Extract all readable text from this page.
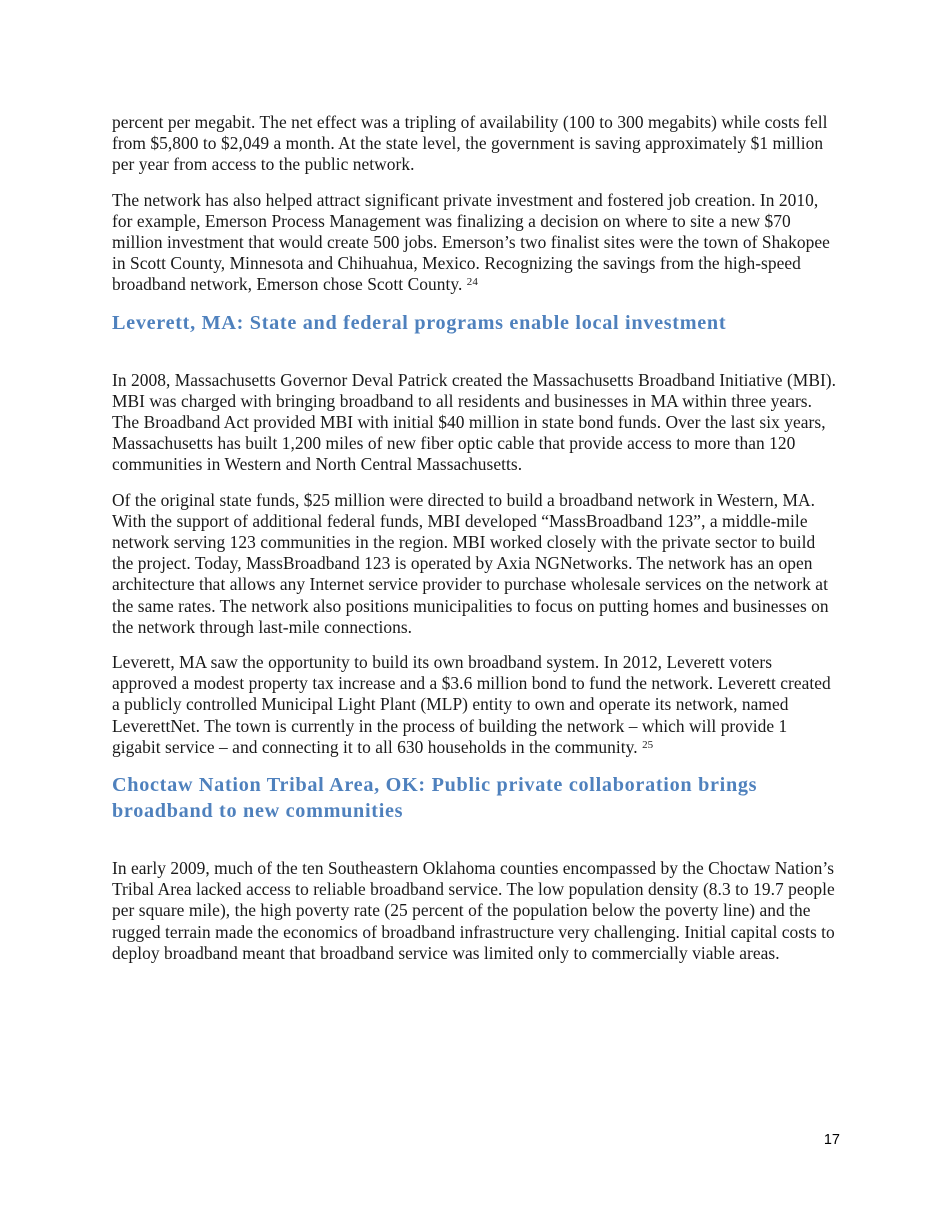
percent per megabit. The net effect was a tripling of availability (100 to 300 megabits) while costs fell from $5,800 to $2,049 a month. At the state level, the government is saving approximately $1 million per year from access to the public network.

The network has also helped attract significant private investment and fostered job creation. In 2010, for example, Emerson Process Management was finalizing a decision on where to site a new $70 million investment that would create 500 jobs. Emerson’s two finalist sites were the town of Shakopee in Scott County, Minnesota and Chihuahua, Mexico. Recognizing the savings from the high-speed broadband network, Emerson chose Scott County. $^{24}$

Leverett, MA: State and federal programs enable local investment

In 2008, Massachusetts Governor Deval Patrick created the Massachusetts Broadband Initiative (MBI). MBI was charged with bringing broadband to all residents and businesses in MA within three years. The Broadband Act provided MBI with initial $40 million in state bond funds. Over the last six years, Massachusetts has built 1,200 miles of new fiber optic cable that provide access to more than 120 communities in Western and North Central Massachusetts.

Of the original state funds, $25 million were directed to build a broadband network in Western, MA. With the support of additional federal funds, MBI developed “MassBroadband 123”, a middle-mile network serving 123 communities in the region. MBI worked closely with the private sector to build the project. Today, MassBroadband 123 is operated by Axia NGNetworks. The network has an open architecture that allows any Internet service provider to purchase wholesale services on the network at the same rates. The network also positions municipalities to focus on putting homes and businesses on the network through last-mile connections.

Leverett, MA saw the opportunity to build its own broadband system. In 2012, Leverett voters approved a modest property tax increase and a $3.6 million bond to fund the network. Leverett created a publicly controlled Municipal Light Plant (MLP) entity to own and operate its network, named LeverettNet. The town is currently in the process of building the network – which will provide 1 gigabit service – and connecting it to all 630 households in the community. $^{25}$

Choctaw Nation Tribal Area, OK: Public private collaboration brings broadband to new communities

In early 2009, much of the ten Southeastern Oklahoma counties encompassed by the Choctaw Nation’s Tribal Area lacked access to reliable broadband service. The low population density (8.3 to 19.7 people per square mile), the high poverty rate (25 percent of the population below the poverty line) and the rugged terrain made the economics of broadband infrastructure very challenging. Initial capital costs to deploy broadband meant that broadband service was limited only to commercially viable areas.

17
